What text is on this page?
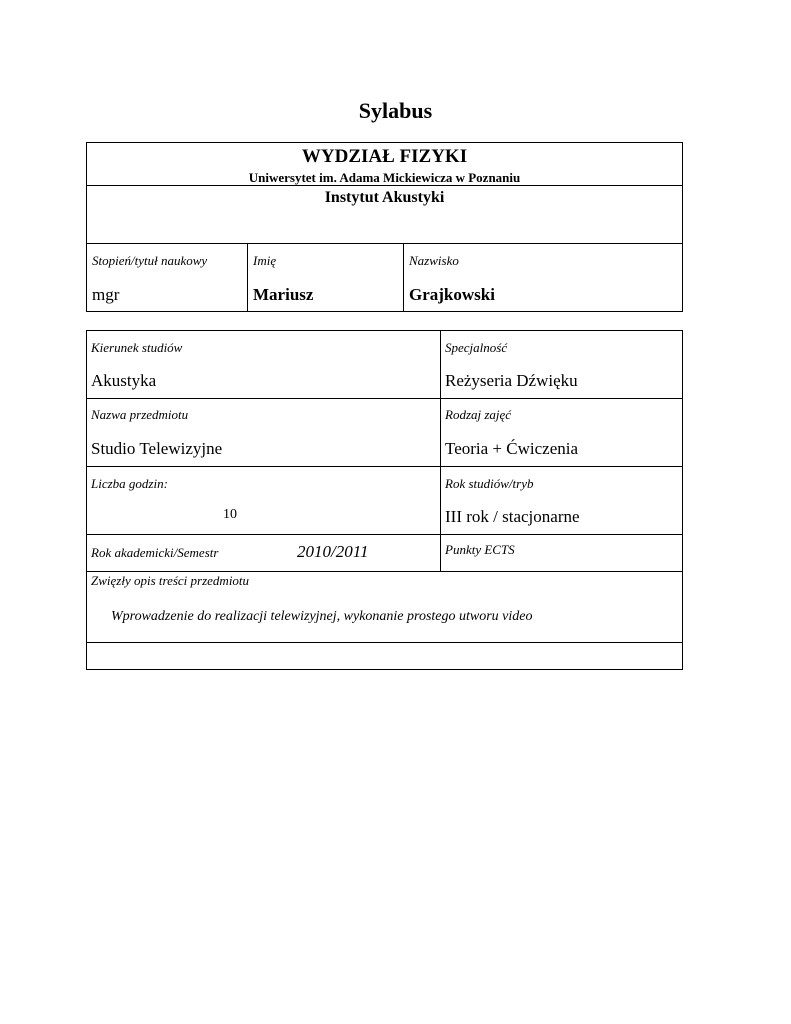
Sylabus
WYDZIAŁ FIZYKI
Uniwersytet im. Adama Mickiewicza w Poznaniu
Instytut Akustyki
Stopień/tytuł naukowy
mgr
Imię
Mariusz
Nazwisko
Grajkowski
Kierunek studiów
Akustyka
Specjalność
Reżyseria Dźwięku
Nazwa przedmiotu
Studio Telewizyjne
Rodzaj zajęć
Teoria + Ćwiczenia
Liczba godzin:
10
Rok studiów/tryb
III rok / stacjonarne
Rok akademicki/Semestr	2010/2011	Punkty ECTS
Zwięzły opis treści przedmiotu
Wprowadzenie do realizacji telewizyjnej, wykonanie prostego utworu video
